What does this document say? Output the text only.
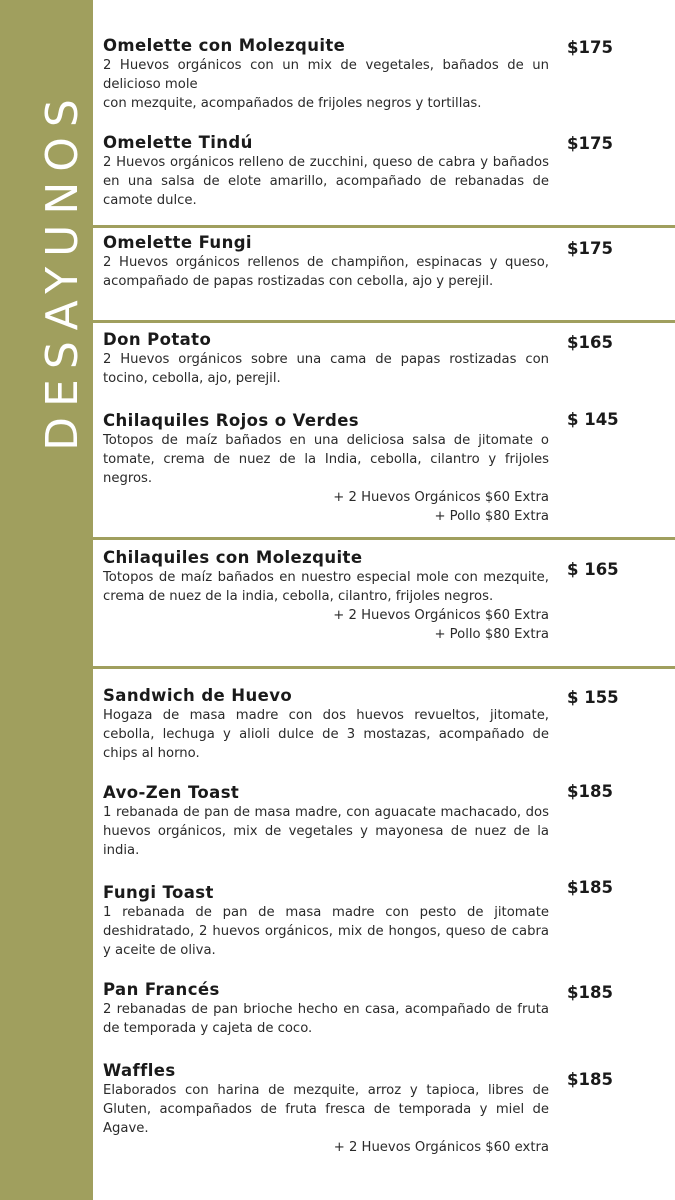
DESAYUNOS
Omelette con Molezquite
2 Huevos orgánicos con un mix de vegetales, bañados de un delicioso mole
con mezquite, acompañados de frijoles negros y tortillas.
$175
Omelette Tindú
2 Huevos orgánicos relleno de zucchini, queso de cabra y bañados en una salsa de elote amarillo, acompañado de rebanadas de camote dulce.
$175
Omelette Fungi
2 Huevos orgánicos rellenos de champiñon, espinacas y queso, acompañado de papas rostizadas con cebolla, ajo y perejil.
$175
Don Potato
2 Huevos orgánicos sobre una cama de papas rostizadas con tocino, cebolla, ajo, perejil.
$165
Chilaquiles Rojos o Verdes
Totopos de maíz bañados en una deliciosa salsa de jitomate o tomate, crema de nuez de la India, cebolla, cilantro y frijoles negros.
+ 2 Huevos Orgánicos $60 Extra
+ Pollo $80 Extra
$ 145
Chilaquiles con Molezquite
Totopos de maíz bañados en nuestro especial mole con mezquite, crema de nuez de la india, cebolla, cilantro, frijoles negros.
+ 2 Huevos Orgánicos $60 Extra
+ Pollo $80 Extra
$ 165
Sandwich de Huevo
Hogaza de masa madre con dos huevos revueltos, jitomate, cebolla, lechuga y alioli dulce de 3 mostazas, acompañado de chips al horno.
$ 155
Avo-Zen Toast
1 rebanada de pan de masa madre, con aguacate machacado, dos huevos orgánicos, mix de vegetales y mayonesa de nuez de la india.
$185
Fungi Toast
1 rebanada de pan de masa madre con pesto de jitomate deshidratado, 2 huevos orgánicos, mix de hongos, queso de cabra y aceite de oliva.
$185
Pan Francés
2 rebanadas de pan brioche hecho en casa, acompañado de fruta de temporada y cajeta de coco.
$185
Waffles
Elaborados con harina de mezquite, arroz y tapioca, libres de Gluten, acompañados de fruta fresca de temporada y miel de Agave.
+ 2 Huevos Orgánicos $60 extra
$185
